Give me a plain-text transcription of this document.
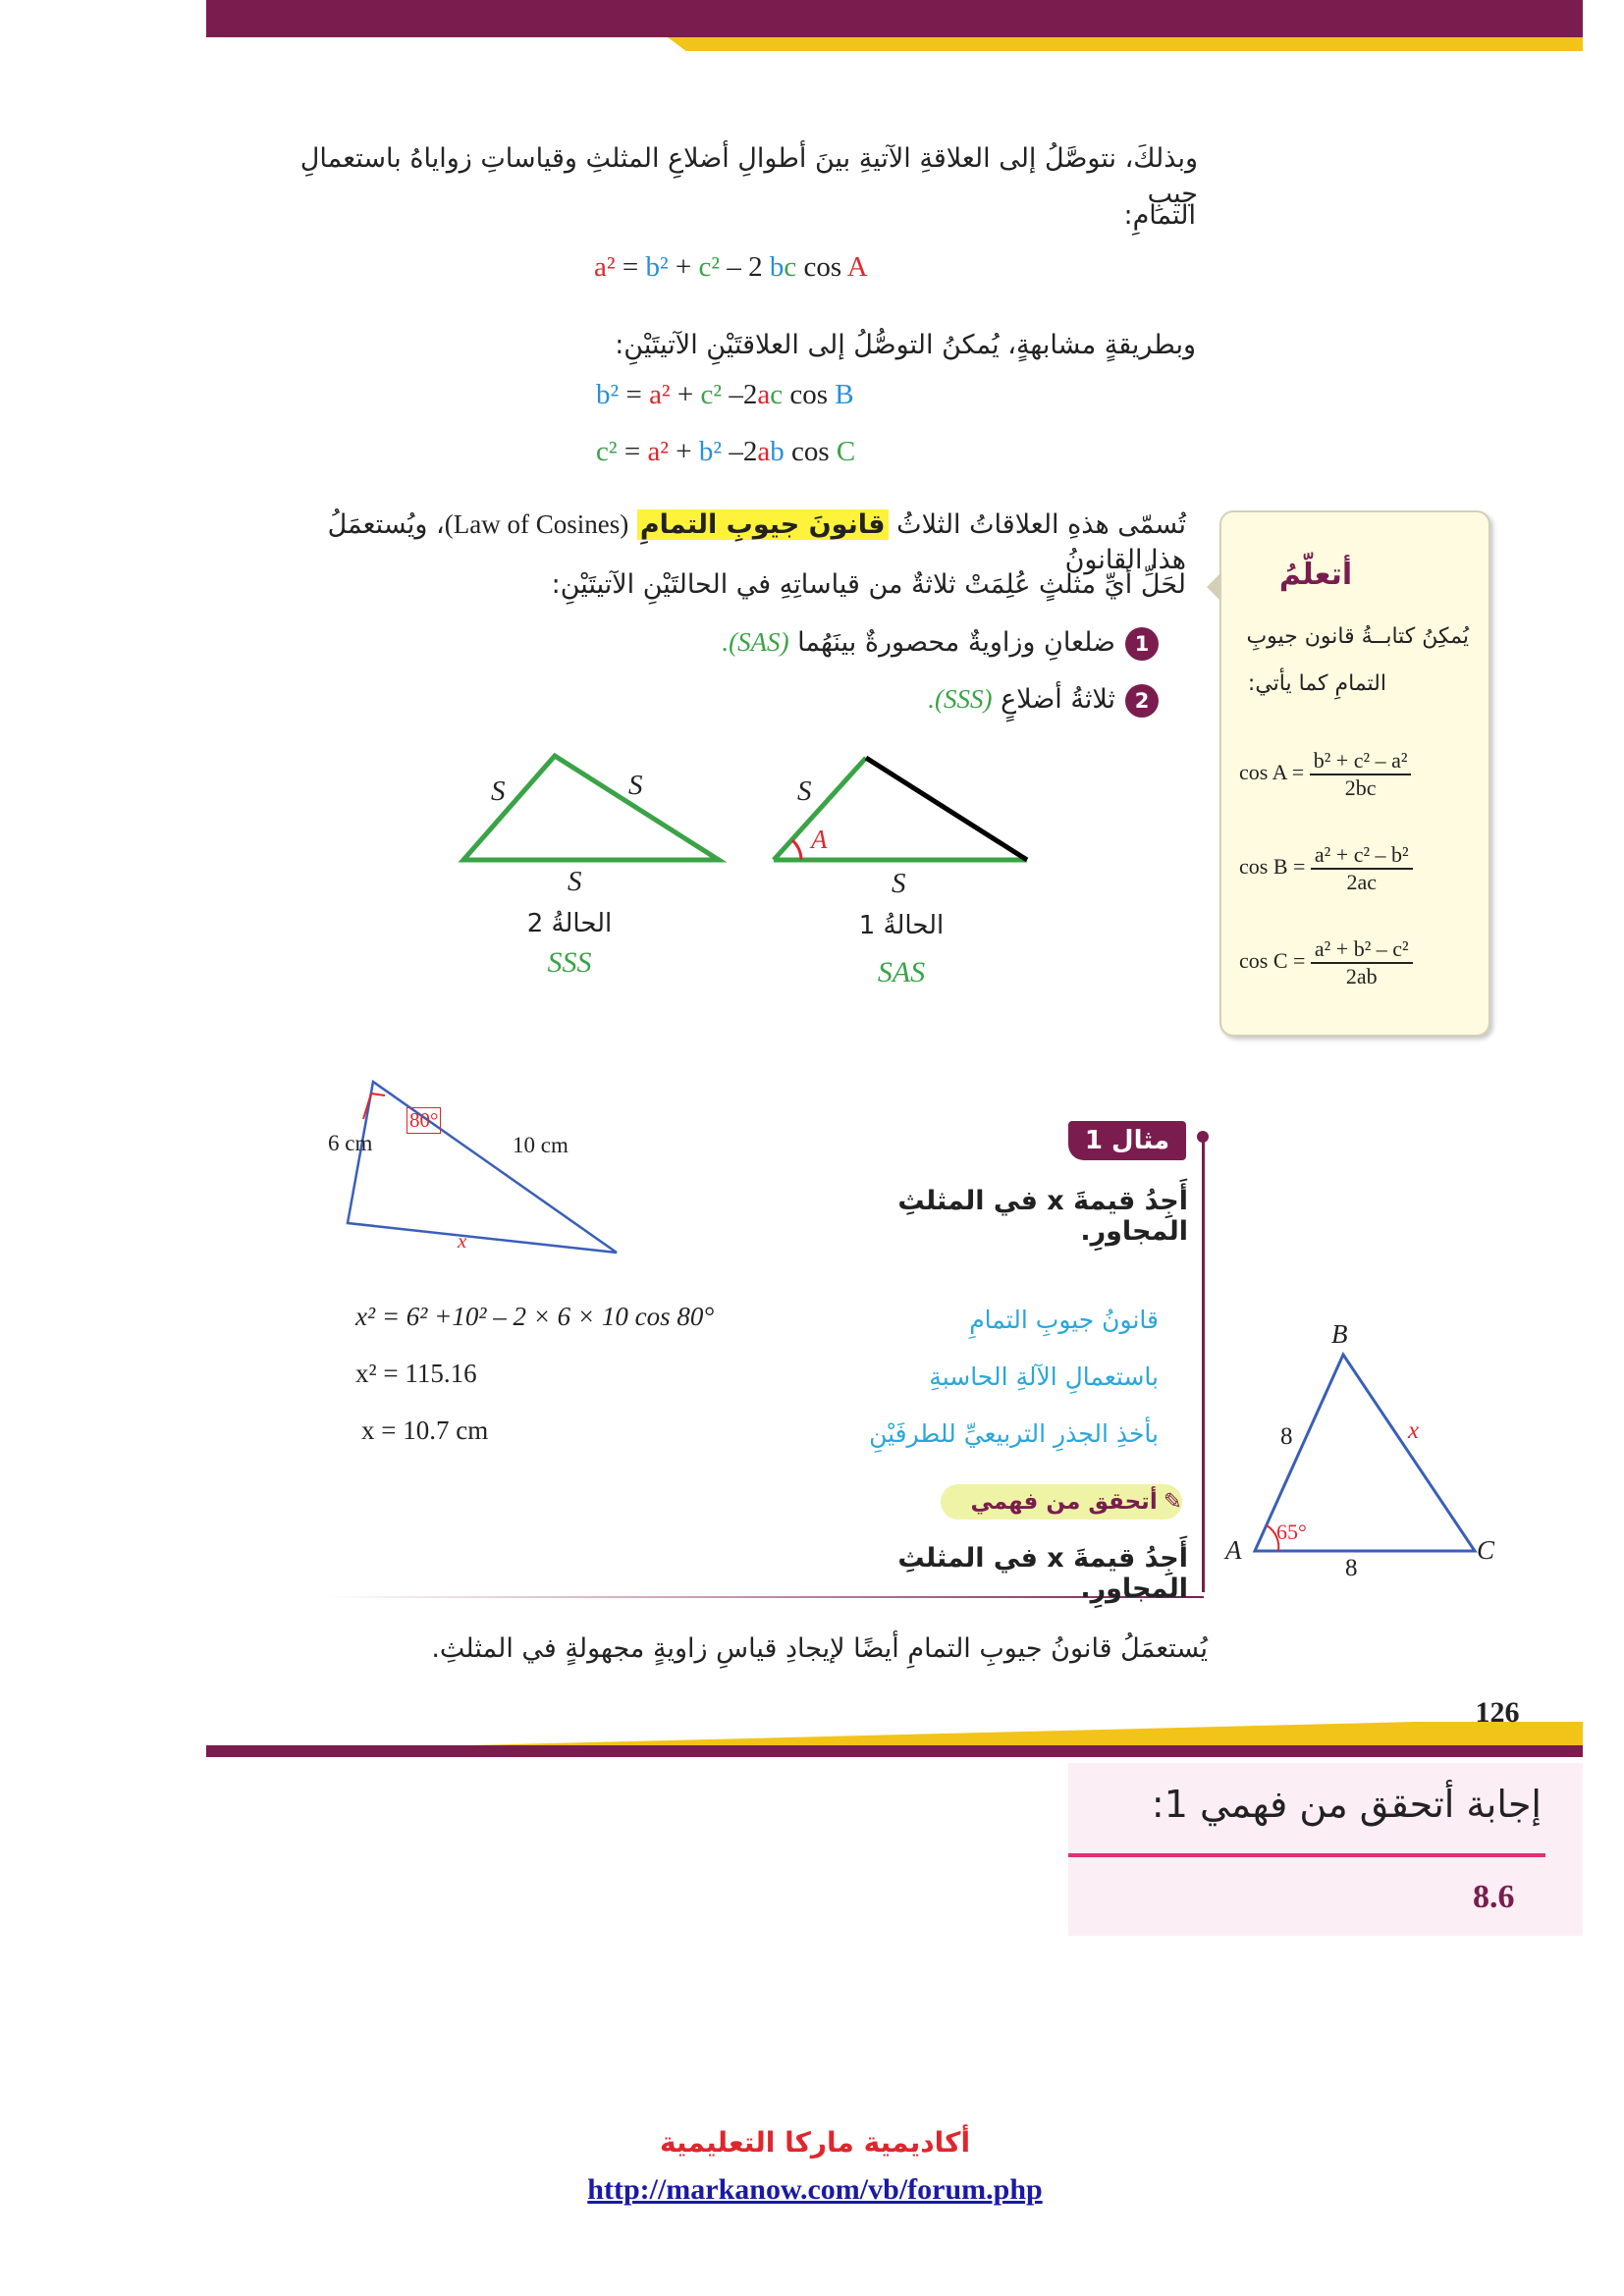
وبذلكَ، نتوصَّلُ إلى العلاقةِ الآتيةِ بينَ أطوالِ أضلاعِ المثلثِ وقياساتِ زواياهُ باستعمالِ جيبِ
التمامِ:
a² = b² + c² – 2 bc cos A
وبطريقةٍ مشابهةٍ، يُمكنُ التوصُّلُ إلى العلاقتَيْنِ الآتيتَيْنِ:
b² = a² + c² –2ac cos B
c² = a² + b² –2ab cos C
تُسمّى هذهِ العلاقاتُ الثلاثُ قانونَ جيوبِ التمامِ (Law of Cosines)، ويُستعمَلُ هذا القانونُ
لحَلِّ أيِّ مثلثٍ عُلِمَتْ ثلاثةٌ من قياساتِهِ في الحالتَيْنِ الآتيتَيْنِ:
1ضلعانِ وزاويةٌ محصورةٌ بينَهُما (SAS).
2ثلاثةُ أضلاعٍ (SSS).
أتعلّمُ
يُمكِنُ كتابــةُ قانون جيوبِ
التمامِ كما يأتي:
$\cos A = \frac{\text{b² + c² – a²}}{2bc}$
$\cos B = \frac{\text{a² + c² – b²}}{2ac}$
$\cos C = \frac{\text{a² + b² – c²}}{2ab}$
S	S
S
S
A
S
الحالةُ 2
SSS
الحالةُ 1
SAS
مثال 1
أَجِدُ قيمةَ x في المثلثِ المجاورِ.
6 cm	10 cm
80°
x
x² = 6² +10² – 2 × 6 × 10 cos 80°	قانونُ جيوبِ التمامِ
x² = 115.16	باستعمالِ الآلةِ الحاسبةِ
x = 10.7 cm	بأخذِ الجذرِ التربيعيِّ للطرفَيْنِ
✎أتحقق من فهمي
أَجِدُ قيمةَ x في المثلثِ المجاورِ.
B
A	C
8
8
x
65°
يُستعمَلُ قانونُ جيوبِ التمامِ أيضًا لإيجادِ قياسِ زاويةٍ مجهولةٍ في المثلثِ.
126
إجابة أتحقق من فهمي 1:
8.6
أكاديمية ماركا التعليمية
http://markanow.com/vb/forum.php
